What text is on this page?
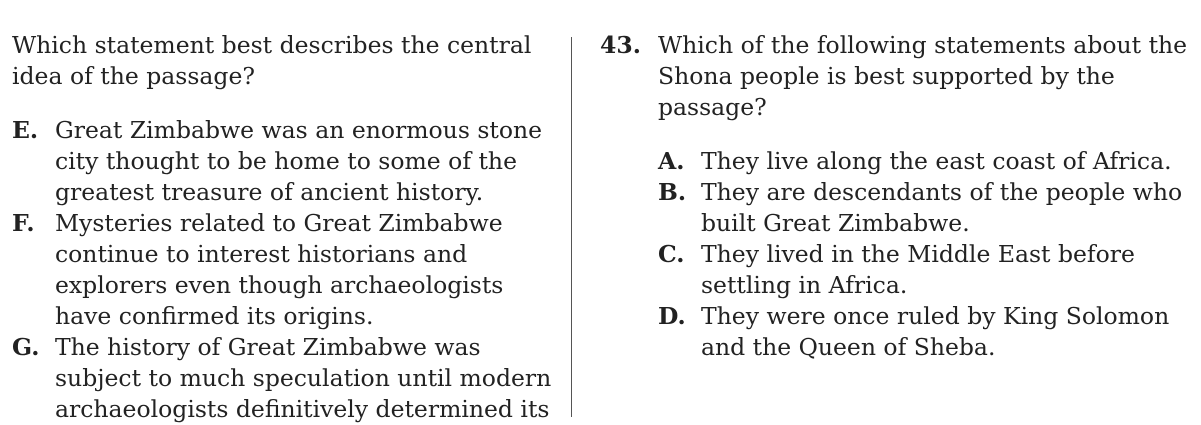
Which statement best describes the central idea of the passage?

E. Great Zimbabwe was an enormous stone city thought to be home to some of the greatest treasure of ancient history.
F. Mysteries related to Great Zimbabwe continue to interest historians and explorers even though archaeologists have confirmed its origins.
G. The history of Great Zimbabwe was subject to much speculation until modern archaeologists definitively determined its
43. Which of the following statements about the Shona people is best supported by the passage?
A. They live along the east coast of Africa.
B. They are descendants of the people who built Great Zimbabwe.
C. They lived in the Middle East before settling in Africa.
D. They were once ruled by King Solomon and the Queen of Sheba.
